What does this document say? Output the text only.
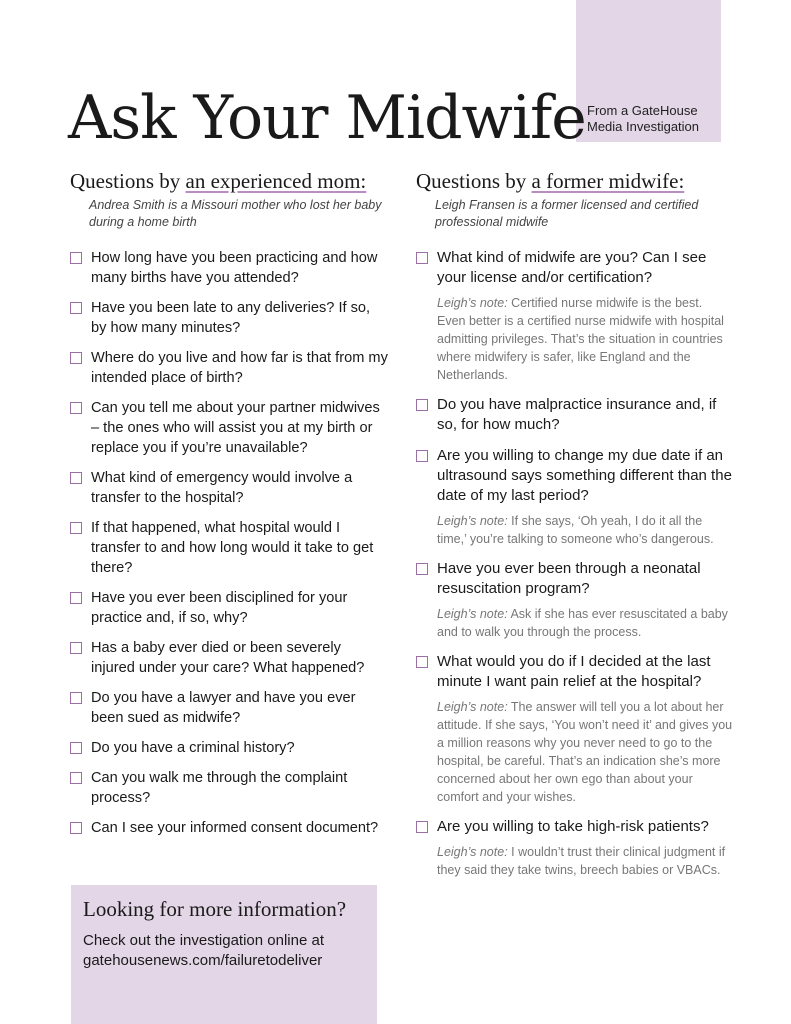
From a GateHouse
Media Investigation
Ask Your Midwife
Questions by an experienced mom:
Andrea Smith is a Missouri mother who lost her baby during a home birth
How long have you been practicing and how many births have you attended?
Have you been late to any deliveries? If so, by how many minutes?
Where do you live and how far is that from my intended place of birth?
Can you tell me about your partner midwives – the ones who will assist you at my birth or replace you if you’re unavailable?
What kind of emergency would involve a transfer to the hospital?
If that happened, what hospital would I transfer to and how long would it take to get there?
Have you ever been disciplined for your practice and, if so, why?
Has a baby ever died or been severely injured under your care? What happened?
Do you have a lawyer and have you ever been sued as midwife?
Do you have a criminal history?
Can you walk me through the complaint process?
Can I see your informed consent document?
Questions by a former midwife:
Leigh Fransen is a former licensed and certified professional midwife
What kind of midwife are you? Can I see your license and/or certification?
Leigh’s note: Certified nurse midwife is the best. Even better is a certified nurse midwife with hospital admitting privileges. That’s the situation in countries where midwifery is safer, like England and the Netherlands.
Do you have malpractice insurance and, if so, for how much?
Are you willing to change my due date if an ultrasound says something different than the date of my last period?
Leigh’s note: If she says, ‘Oh yeah, I do it all the time,’ you’re talking to someone who’s dangerous.
Have you ever been through a neonatal resuscitation program?
Leigh’s note: Ask if she has ever resuscitated a baby and to walk you through the process.
What would you do if I decided at the last minute I want pain relief at the hospital?
Leigh’s note: The answer will tell you a lot about her attitude. If she says, ‘You won’t need it’ and gives you a million reasons why you never need to go to the hospital, be careful. That’s an indication she’s more concerned about her own ego than about your comfort and your wishes.
Are you willing to take high-risk patients?
Leigh’s note: I wouldn’t trust their clinical judgment if they said they take twins, breech babies or VBACs.
Looking for more information?
Check out the investigation online at
gatehousenews.com/failuretodeliver
